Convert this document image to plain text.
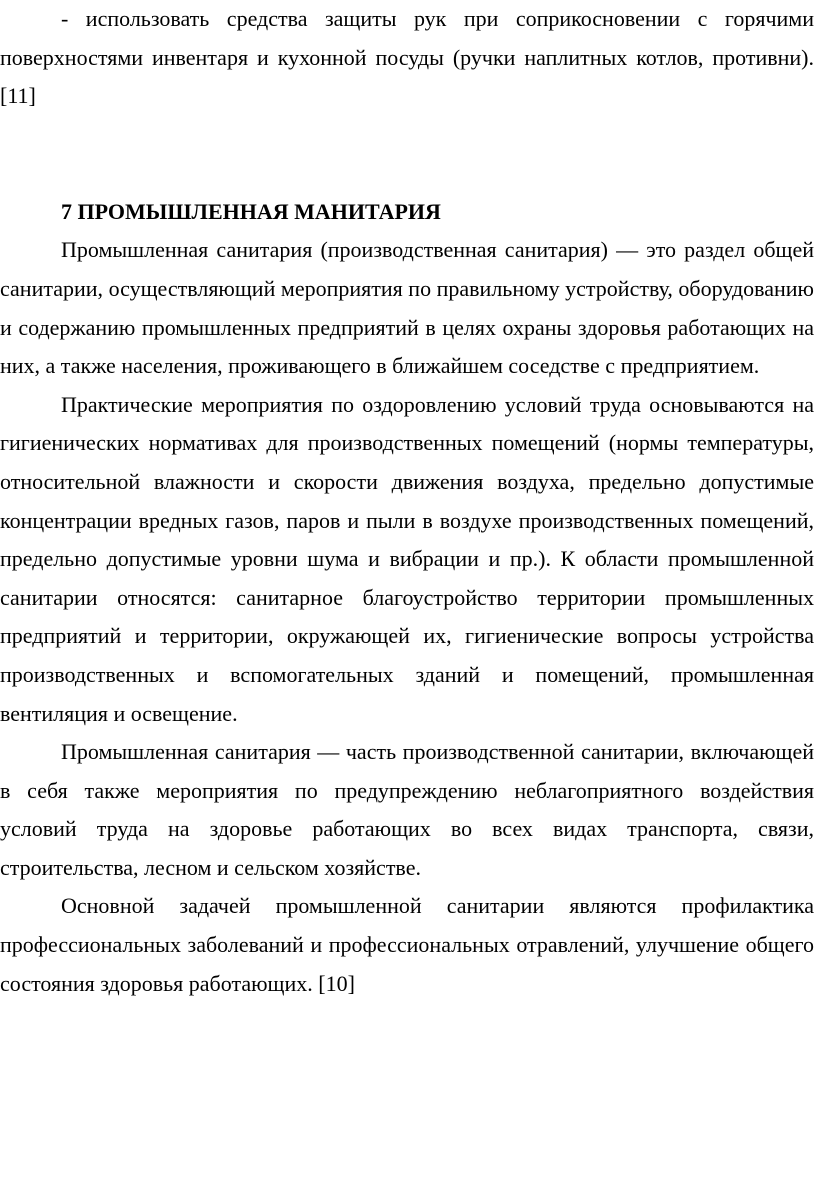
- использовать средства защиты рук при соприкосновении с горячими поверхностями инвентаря и кухонной посуды (ручки наплитных котлов, противни). [11]

7 ПРОМЫШЛЕННАЯ МАНИТАРИЯ

Промышленная санитария (производственная санитария) — это раздел общей санитарии, осуществляющий мероприятия по правильному устройству, оборудованию и содержанию промышленных предприятий в целях охраны здоровья работающих на них, а также населения, проживающего в ближайшем соседстве с предприятием.

Практические мероприятия по оздоровлению условий труда основываются на гигиенических нормативах для производственных помещений (нормы температуры, относительной влажности и скорости движения воздуха, предельно допустимые концентрации вредных газов, паров и пыли в воздухе производственных помещений, предельно допустимые уровни шума и вибрации и пр.). К области промышленной санитарии относятся: санитарное благоустройство территории промышленных предприятий и территории, окружающей их, гигиенические вопросы устройства производственных и вспомогательных зданий и помещений, промышленная вентиляция и освещение.

Промышленная санитария — часть производственной санитарии, включающей в себя также мероприятия по предупреждению неблагоприятного воздействия условий труда на здоровье работающих во всех видах транспорта, связи, строительства, лесном и сельском хозяйстве.

Основной задачей промышленной санитарии являются профилактика профессиональных заболеваний и профессиональных отравлений, улучшение общего состояния здоровья работающих. [10]
